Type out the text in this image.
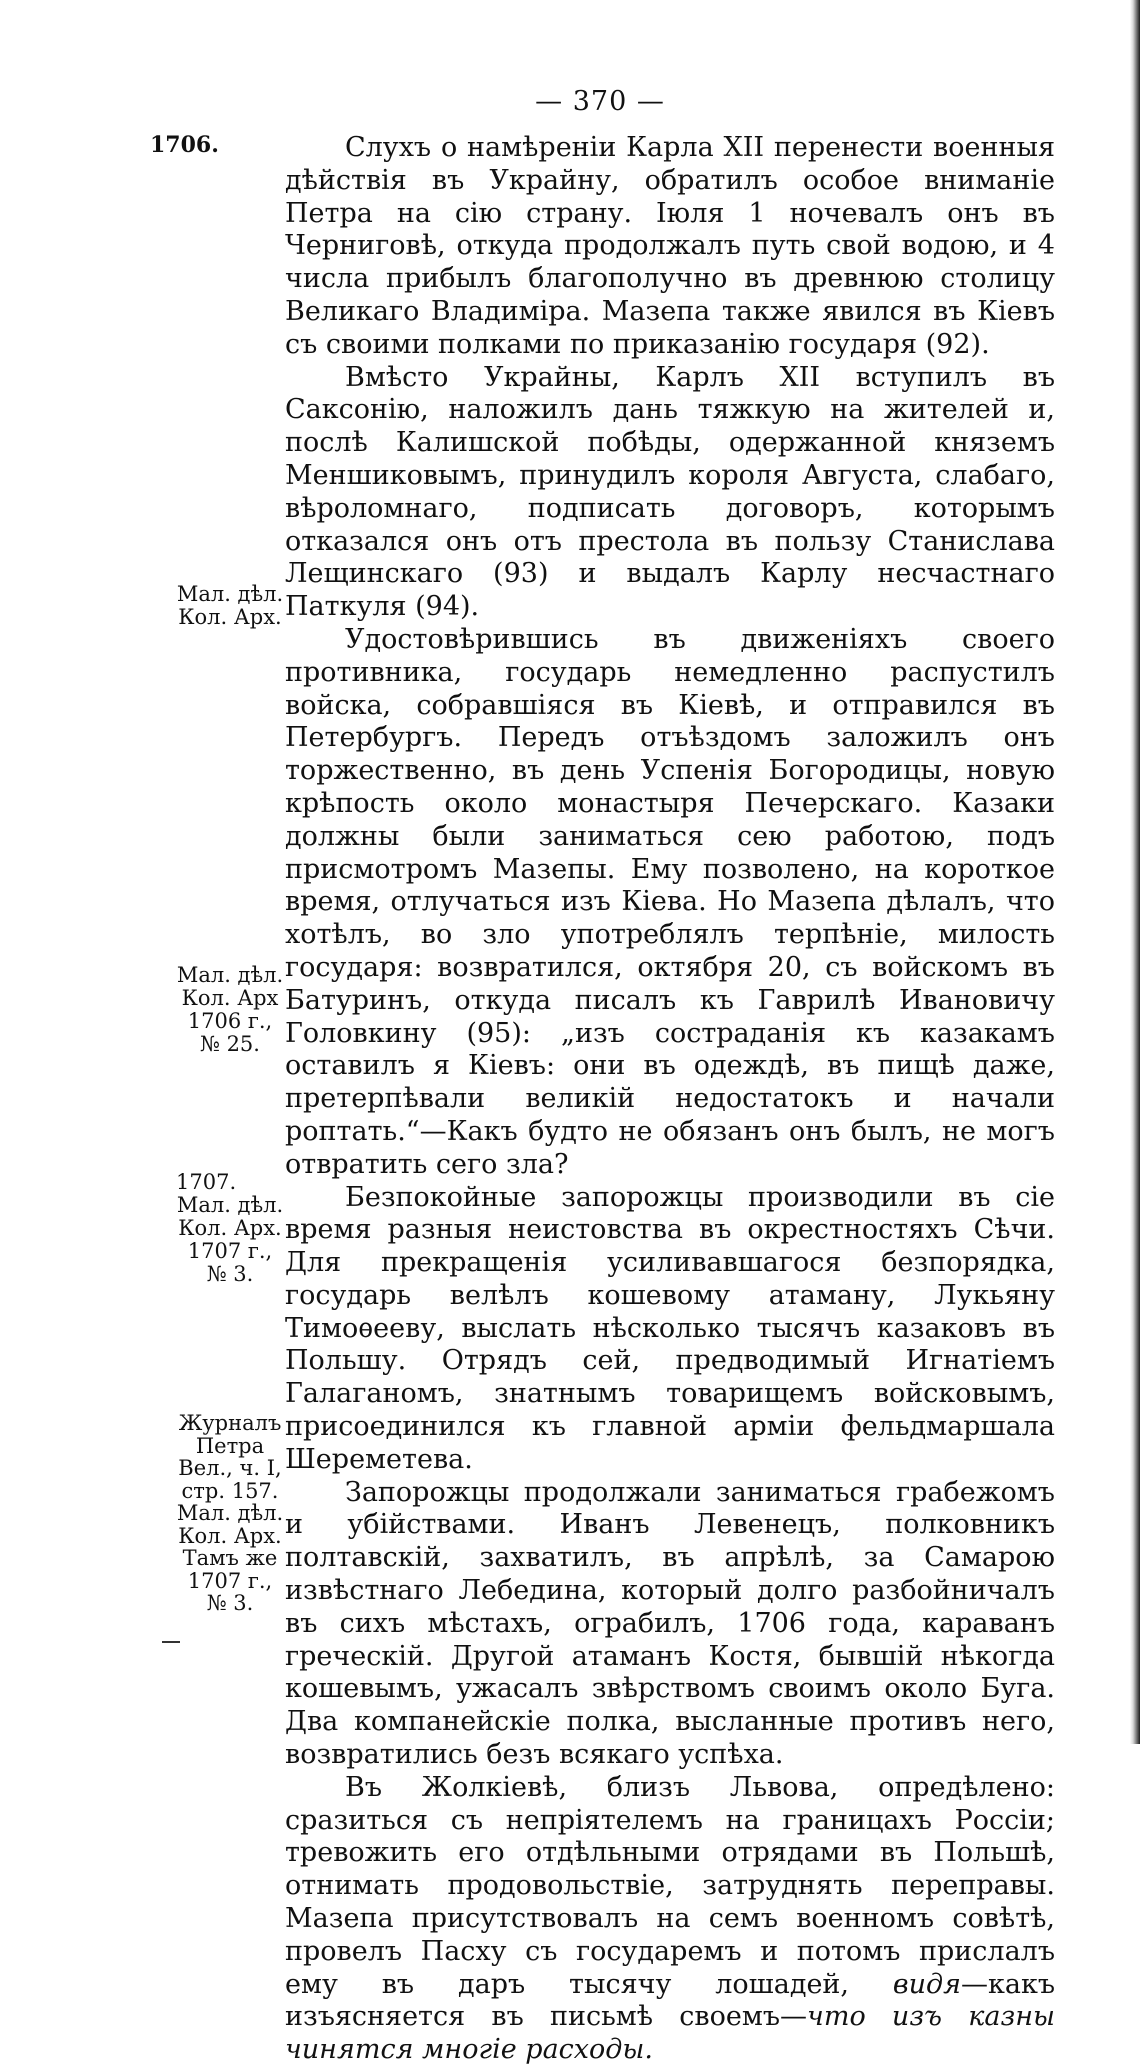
— 370 —
1706.
Мал. дѣл.
Кол. Арх.
Мал. дѣл.
Кол. Арх
1706 г.,
№ 25.
1707.
Мал. дѣл.
Кол. Арх.
1707 г.,
№ 3.
Журналъ
Петра
Вел., ч. I,
стр. 157.
Мал. дѣл.
Кол. Арх.
Тамъ же
1707 г.,
№ 3.

Слухъ о намѣреніи Карла XII перенести военныя дѣйствія въ Украйну, обратилъ особое вниманіе Петра на сію страну. Іюля 1 ночевалъ онъ въ Черниговѣ, откуда продолжалъ путь свой водою, и 4 числа прибылъ благополучно въ древнюю столицу Великаго Владиміра. Мазепа также явился въ Кіевъ съ своими полками по приказанію государя (92).

Вмѣсто Украйны, Карлъ XII вступилъ въ Саксонію, наложилъ дань тяжкую на жителей и, послѣ Калишской побѣды, одержанной княземъ Меншиковымъ, принудилъ короля Августа, слабаго, вѣроломнаго, подписать договоръ, которымъ отказался онъ отъ престола въ пользу Станислава Лещинскаго (93) и выдалъ Карлу несчастнаго Паткуля (94).

Удостовѣрившись въ движеніяхъ своего противника, государь немедленно распустилъ войска, собравшіяся въ Кіевѣ, и отправился въ Петербургъ. Передъ отъѣздомъ заложилъ онъ торжественно, въ день Успенія Богородицы, новую крѣпость около монастыря Печерскаго. Казаки должны были заниматься сею работою, подъ присмотромъ Мазепы. Ему позволено, на короткое время, отлучаться изъ Кіева. Но Мазепа дѣлалъ, что хотѣлъ, во зло употреблялъ терпѣніе, милость государя: возвратился, октября 20, съ войскомъ въ Батуринъ, откуда писалъ къ Гаврилѣ Ивановичу Головкину (95): „изъ состраданія къ казакамъ оставилъ я Кіевъ: они въ одеждѣ, въ пищѣ даже, претерпѣвали великій недостатокъ и начали роптать.“—Какъ будто не обязанъ онъ былъ, не могъ отвратить сего зла?

Безпокойные запорожцы производили въ сіе время разныя неистовства въ окрестностяхъ Сѣчи. Для прекращенія усиливавшагося безпорядка, государь велѣлъ кошевому атаману, Лукьяну Тимоѳееву, выслать нѣсколько тысячъ казаковъ въ Польшу. Отрядъ сей, предводимый Игнатіемъ Галаганомъ, знатнымъ товарищемъ войсковымъ, присоединился къ главной арміи фельдмаршала Шереметева.

Запорожцы продолжали заниматься грабежомъ и убійствами. Иванъ Левенецъ, полковникъ полтавскій, захватилъ, въ апрѣлѣ, за Самарою извѣстнаго Лебедина, который долго разбойничалъ въ сихъ мѣстахъ, ограбилъ, 1706 года, караванъ греческій. Другой атаманъ Костя, бывшій нѣкогда кошевымъ, ужасалъ звѣрствомъ своимъ около Буга. Два компанейскіе полка, высланные противъ него, возвратились безъ всякаго успѣха.

Въ Жолкіевѣ, близъ Львова, опредѣлено: сразиться съ непріятелемъ на границахъ Россіи; тревожить его отдѣльными отрядами въ Польшѣ, отнимать продовольствіе, затруднять переправы. Мазепа присутствовалъ на семъ военномъ совѣтѣ, провелъ Пасху съ государемъ и потомъ прислалъ ему въ даръ тысячу лошадей, видя—какъ изъясняется въ письмѣ своемъ—что изъ казны чинятся многіе расходы.
